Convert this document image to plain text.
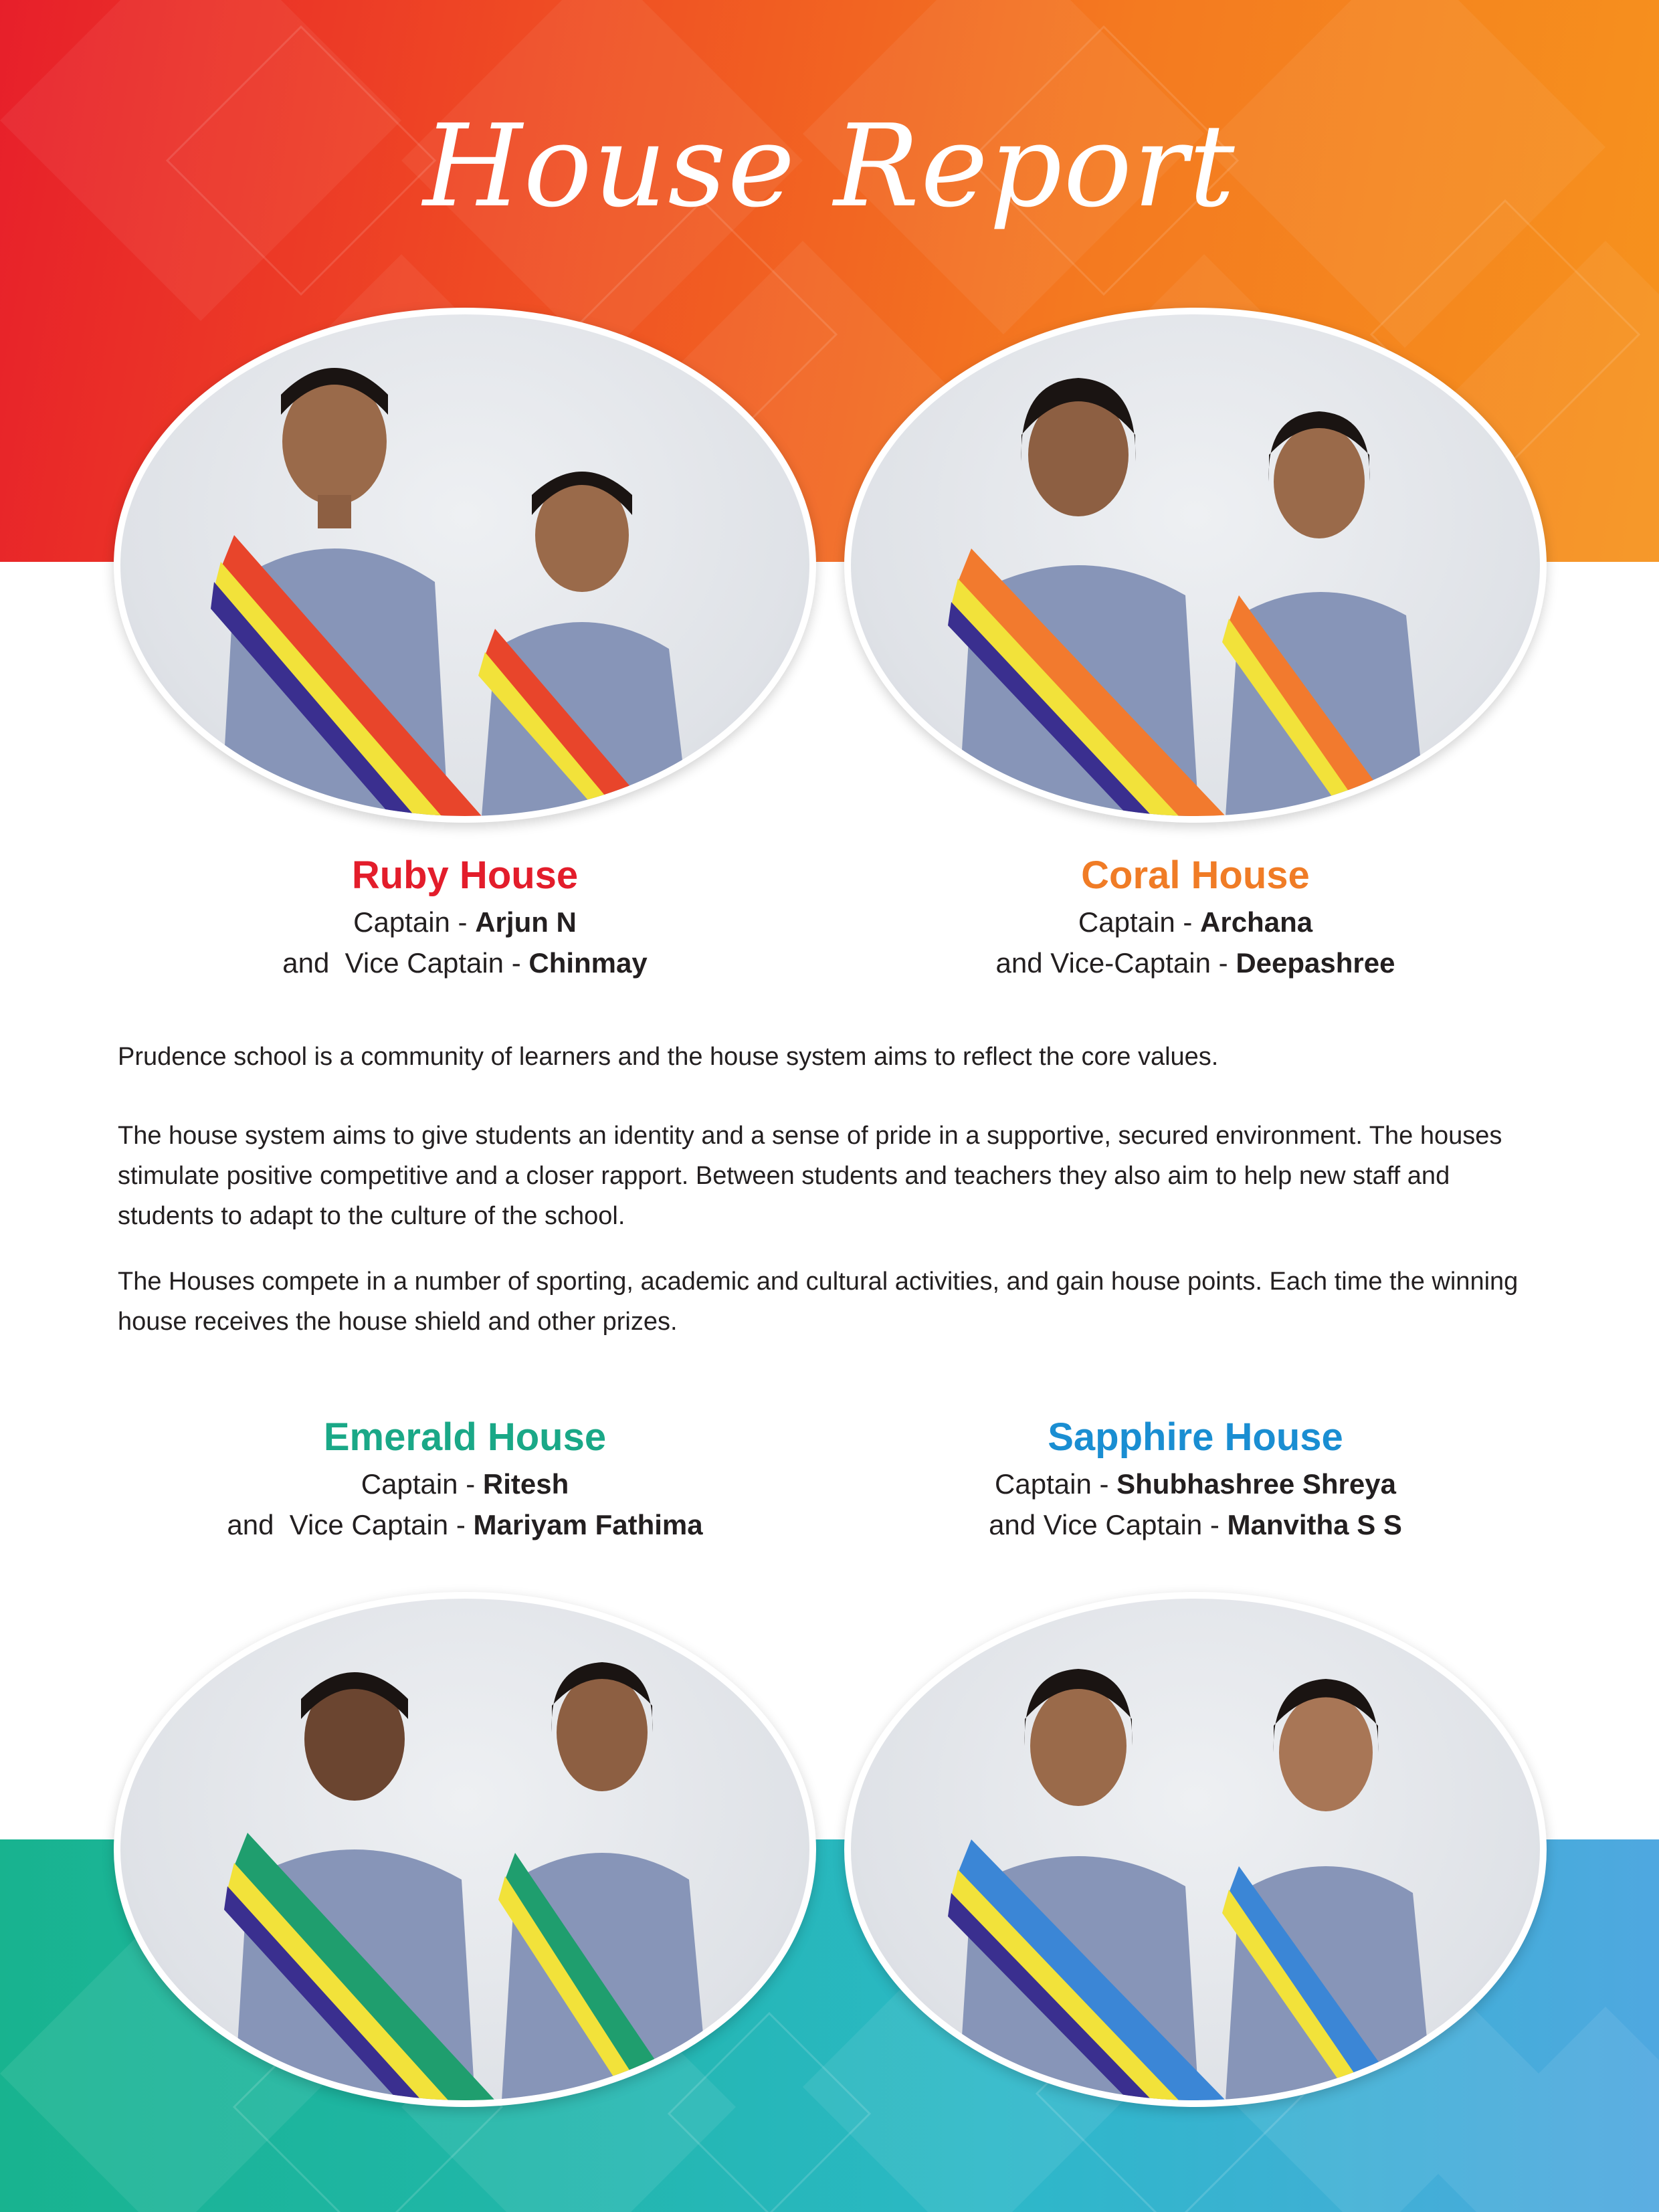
House Report
Ruby House
Captain - Arjun N
and  Vice Captain - Chinmay
Coral House
Captain - Archana
and Vice-Captain - Deepashree
Prudence school is a community of learners and the house system aims to reflect the core values.
The house system aims to give students an identity and a sense of pride in a supportive, secured environment. The houses stimulate positive competitive and a closer rapport. Between students and teachers they also aim to help new staff and students to adapt to the culture of the school.
The Houses compete in a number of sporting, academic and cultural activities, and gain house points. Each time the winning house receives the house shield and other prizes.
Emerald House
Captain - Ritesh
and  Vice Captain - Mariyam Fathima
Sapphire House
Captain - Shubhashree Shreya
and Vice Captain - Manvitha S S
